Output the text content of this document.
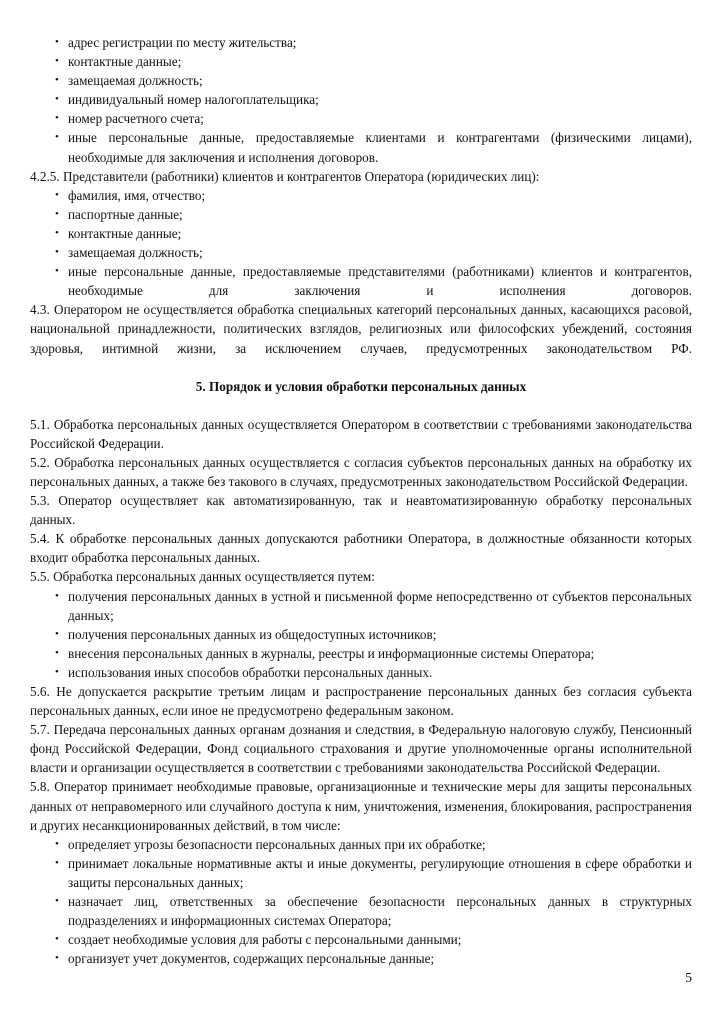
• адрес регистрации по месту жительства;
• контактные данные;
• замещаемая должность;
• индивидуальный номер налогоплательщика;
• номер расчетного счета;
• иные персональные данные, предоставляемые клиентами и контрагентами (физическими лицами), необходимые для заключения и исполнения договоров.

4.2.5. Представители (работники) клиентов и контрагентов Оператора (юридических лиц):

• фамилия, имя, отчество;
• паспортные данные;
• контактные данные;
• замещаемая должность;
• иные персональные данные, предоставляемые представителями (работниками) клиентов и контрагентов, необходимые для заключения и исполнения договоров.

4.3. Оператором не осуществляется обработка специальных категорий персональных данных, касающихся расовой, национальной принадлежности, политических взглядов, религиозных или философских убеждений, состояния здоровья, интимной жизни, за исключением случаев, предусмотренных законодательством РФ.

5. Порядок и условия обработки персональных данных

5.1. Обработка персональных данных осуществляется Оператором в соответствии с требованиями законодательства Российской Федерации.

5.2. Обработка персональных данных осуществляется с согласия субъектов персональных данных на обработку их персональных данных, а также без такового в случаях, предусмотренных законодательством Российской Федерации.

5.3. Оператор осуществляет как автоматизированную, так и неавтоматизированную обработку персональных данных.

5.4. К обработке персональных данных допускаются работники Оператора, в должностные обязанности которых входит обработка персональных данных.

5.5. Обработка персональных данных осуществляется путем:

• получения персональных данных в устной и письменной форме непосредственно от субъектов персональных данных;
• получения персональных данных из общедоступных источников;
• внесения персональных данных в журналы, реестры и информационные системы Оператора;
• использования иных способов обработки персональных данных.

5.6. Не допускается раскрытие третьим лицам и распространение персональных данных без согласия субъекта персональных данных, если иное не предусмотрено федеральным законом.

5.7. Передача персональных данных органам дознания и следствия, в Федеральную налоговую службу, Пенсионный фонд Российской Федерации, Фонд социального страхования и другие уполномоченные органы исполнительной власти и организации осуществляется в соответствии с требованиями законодательства Российской Федерации.

5.8. Оператор принимает необходимые правовые, организационные и технические меры для защиты персональных данных от неправомерного или случайного доступа к ним, уничтожения, изменения, блокирования, распространения и других несанкционированных действий, в том числе:

• определяет угрозы безопасности персональных данных при их обработке;
• принимает локальные нормативные акты и иные документы, регулирующие отношения в сфере обработки и защиты персональных данных;
• назначает лиц, ответственных за обеспечение безопасности персональных данных в структурных подразделениях и информационных системах Оператора;
• создает необходимые условия для работы с персональными данными;
• организует учет документов, содержащих персональные данные;
5
